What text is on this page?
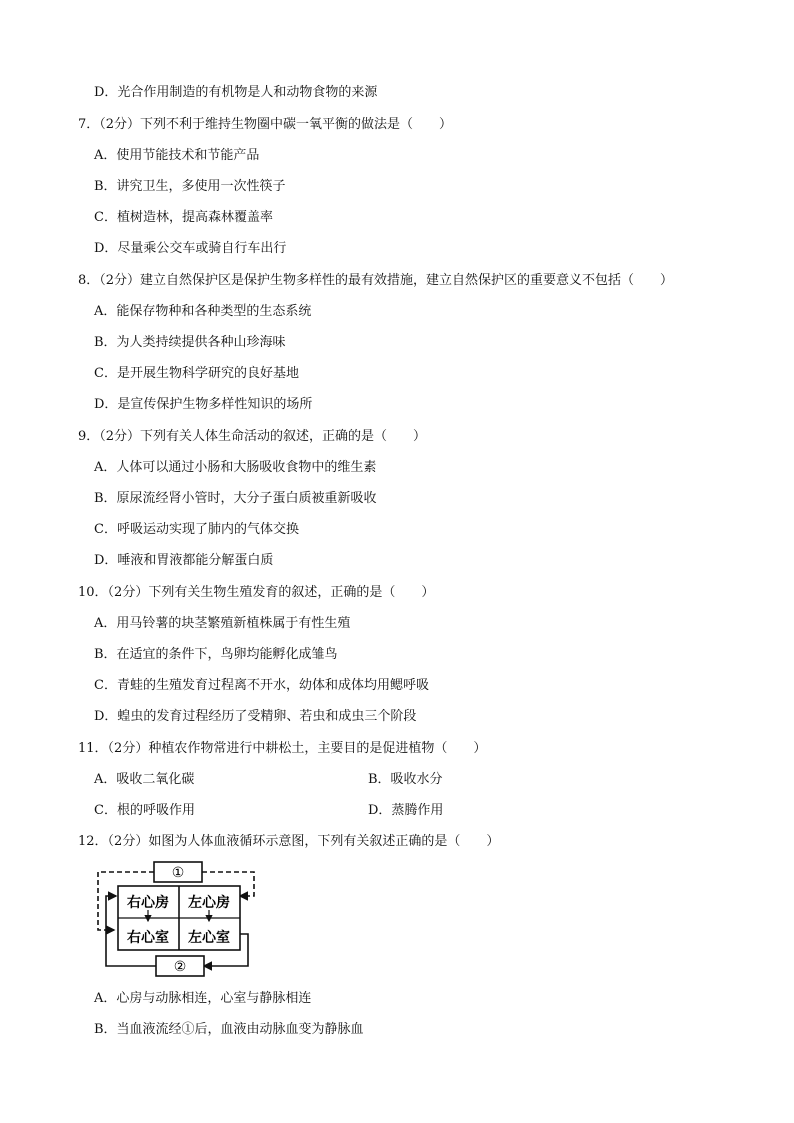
D．光合作用制造的有机物是人和动物食物的来源
7．（2分）下列不利于维持生物圈中碳一氧平衡的做法是（　　）
A．使用节能技术和节能产品
B．讲究卫生，多使用一次性筷子
C．植树造林，提高森林覆盖率
D．尽量乘公交车或骑自行车出行
8．（2分）建立自然保护区是保护生物多样性的最有效措施，建立自然保护区的重要意义不包括（　　）
A．能保存物种和各种类型的生态系统
B．为人类持续提供各种山珍海味
C．是开展生物科学研究的良好基地
D．是宣传保护生物多样性知识的场所
9．（2分）下列有关人体生命活动的叙述，正确的是（　　）
A．人体可以通过小肠和大肠吸收食物中的维生素
B．原尿流经肾小管时，大分子蛋白质被重新吸收
C．呼吸运动实现了肺内的气体交换
D．唾液和胃液都能分解蛋白质
10．（2分）下列有关生物生殖发育的叙述，正确的是（　　）
A．用马铃薯的块茎繁殖新植株属于有性生殖
B．在适宜的条件下，鸟卵均能孵化成雏鸟
C．青蛙的生殖发育过程离不开水，幼体和成体均用鳃呼吸
D．蝗虫的发育过程经历了受精卵、若虫和成虫三个阶段
11．（2分）种植农作物常进行中耕松土，主要目的是促进植物（　　）
A．吸收二氧化碳	B．吸收水分
C．根的呼吸作用	D．蒸腾作用
12．（2分）如图为人体血液循环示意图，下列有关叙述正确的是（　　）
①
右心房 左心房
右心室 左心室
②
A．心房与动脉相连，心室与静脉相连
B．当血液流经①后，血液由动脉血变为静脉血
